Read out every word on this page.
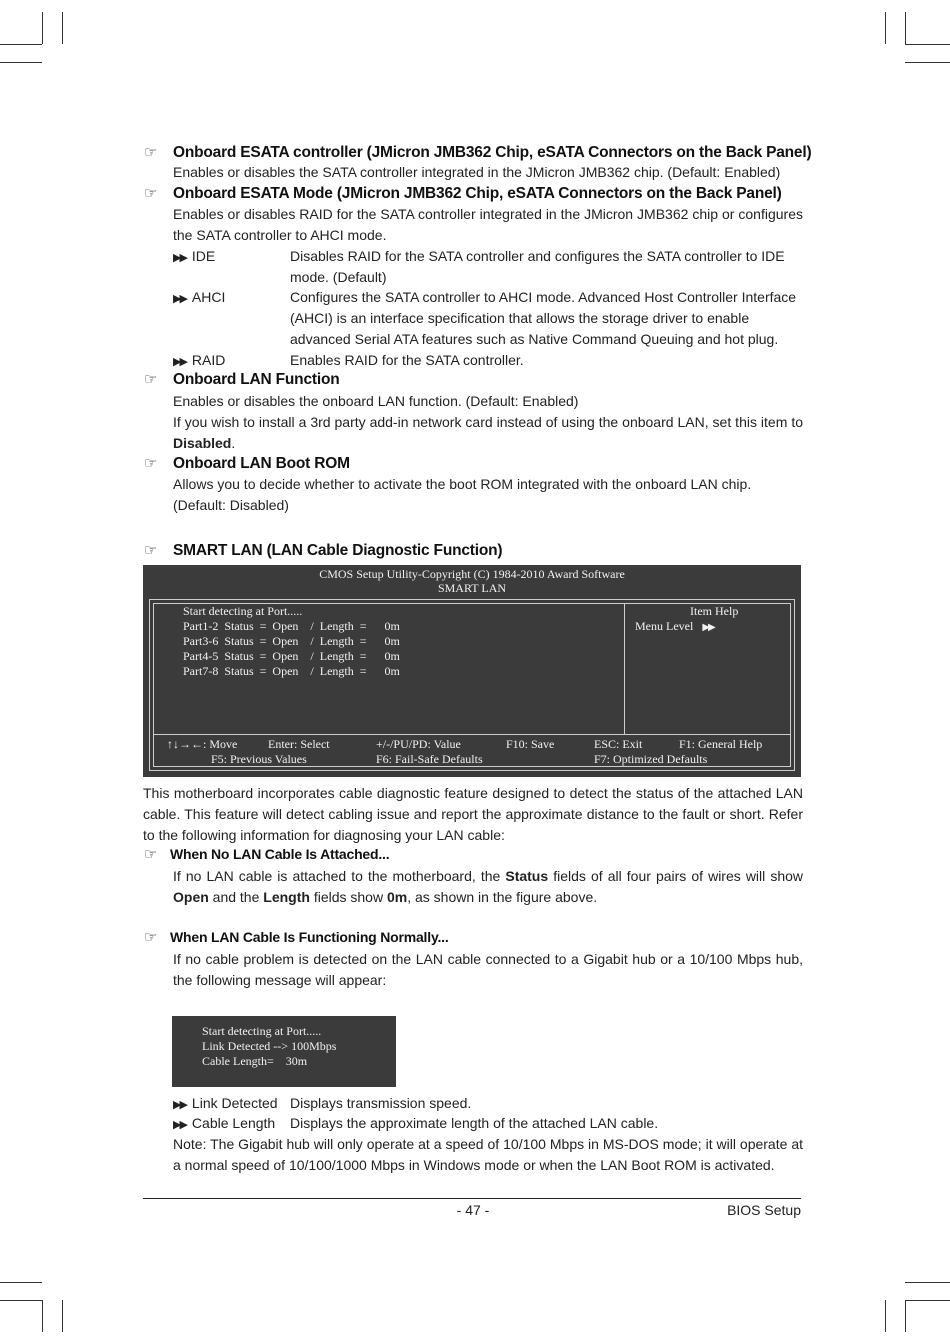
☞ Onboard ESATA controller (JMicron JMB362 Chip, eSATA Connectors on the Back Panel)
Enables or disables the SATA controller integrated in the JMicron JMB362 chip. (Default: Enabled)
☞ Onboard ESATA Mode (JMicron JMB362 Chip, eSATA Connectors on the Back Panel)
Enables or disables RAID for the SATA controller integrated in the JMicron JMB362 chip or configures the SATA controller to AHCI mode.
▶▶ IDE	Disables RAID for the SATA controller and configures the SATA controller to IDE mode. (Default)
▶▶ AHCI	Configures the SATA controller to AHCI mode. Advanced Host Controller Interface (AHCI) is an interface specification that allows the storage driver to enable advanced Serial ATA features such as Native Command Queuing and hot plug.
▶▶ RAID	Enables RAID for the SATA controller.
☞ Onboard LAN Function
Enables or disables the onboard LAN function. (Default: Enabled)
If you wish to install a 3rd party add-in network card instead of using the onboard LAN, set this item to Disabled.
☞ Onboard LAN Boot ROM
Allows you to decide whether to activate the boot ROM integrated with the onboard LAN chip.
(Default: Disabled)
☞ SMART LAN (LAN Cable Diagnostic Function)
CMOS Setup Utility-Copyright (C) 1984-2010 Award Software
SMART LAN
Start detecting at Port.....
Part1-2  Status  =  Open    /  Length  =      0m
Part3-6  Status  =  Open    /  Length  =      0m
Part4-5  Status  =  Open    /  Length  =      0m
Part7-8  Status  =  Open    /  Length  =      0m
Item Help
Menu Level ▶▶
↑↓→←: Move	Enter: Select	+/-/PU/PD: Value	F10: Save	ESC: Exit	F1: General Help
F5: Previous Values	F6: Fail-Safe Defaults	F7: Optimized Defaults
This motherboard incorporates cable diagnostic feature designed to detect the status of the attached LAN cable. This feature will detect cabling issue and report the approximate distance to the fault or short. Refer to the following information for diagnosing your LAN cable:
☞ When No LAN Cable Is Attached...
If no LAN cable is attached to the motherboard, the Status fields of all four pairs of wires will show Open and the Length fields show 0m, as shown in the figure above.
☞ When LAN Cable Is Functioning Normally...
If no cable problem is detected on the LAN cable connected to a Gigabit hub or a 10/100 Mbps hub, the following message will appear:
Start detecting at Port.....
Link Detected --> 100Mbps
Cable Length=    30m
▶▶ Link Detected Displays transmission speed.
▶▶ Cable Length Displays the approximate length of the attached LAN cable.
Note: The Gigabit hub will only operate at a speed of 10/100 Mbps in MS-DOS mode; it will operate at a normal speed of 10/100/1000 Mbps in Windows mode or when the LAN Boot ROM is activated.
- 47 -	BIOS Setup
